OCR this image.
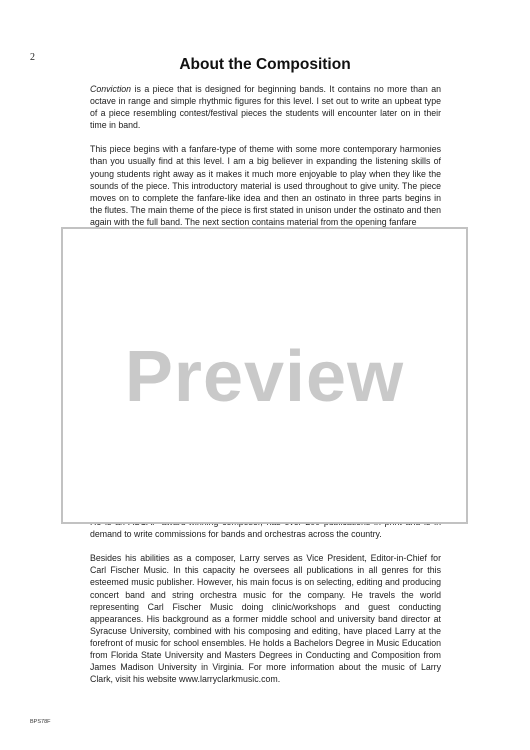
2	About the Composition

Conviction is a piece that is designed for beginning bands. It contains no more than an octave in range and simple rhythmic figures for this level. I set out to write an upbeat type of a piece resembling contest/festival pieces the students will encounter later on in their time in band.

This piece begins with a fanfare-type of theme with some more contemporary harmonies than you usually find at this level. I am a big believer in expanding the listening skills of young students right away as it makes it much more enjoyable to play when they like the sounds of the piece. This introductory material is used throughout to give unity. The piece moves on to complete the fanfare-like idea and then an ostinato in three parts begins in the flutes. The main theme of the piece is first stated in unison under the ostinato and then again with the full band. The next section contains material from the opening fanfare

demand to write commissions for bands and orchestras across the country.

Besides his abilities as a composer, Larry serves as Vice President, Editor-in-Chief for Carl Fischer Music. In this capacity he oversees all publications in all genres for this esteemed music publisher. However, his main focus is on selecting, editing and producing concert band and string orchestra music for the company. He travels the world representing Carl Fischer Music doing clinic/workshops and guest conducting appearances. His background as a former middle school and university band director at Syracuse University, combined with his composing and editing, have placed Larry at the forefront of music for school ensembles. He holds a Bachelors Degree in Music Education from Florida State University and Masters Degrees in Conducting and Composition from James Madison University in Virginia. For more information about the music of Larry Clark, visit his website www.larryclarkmusic.com.

Preview
BPS78F
